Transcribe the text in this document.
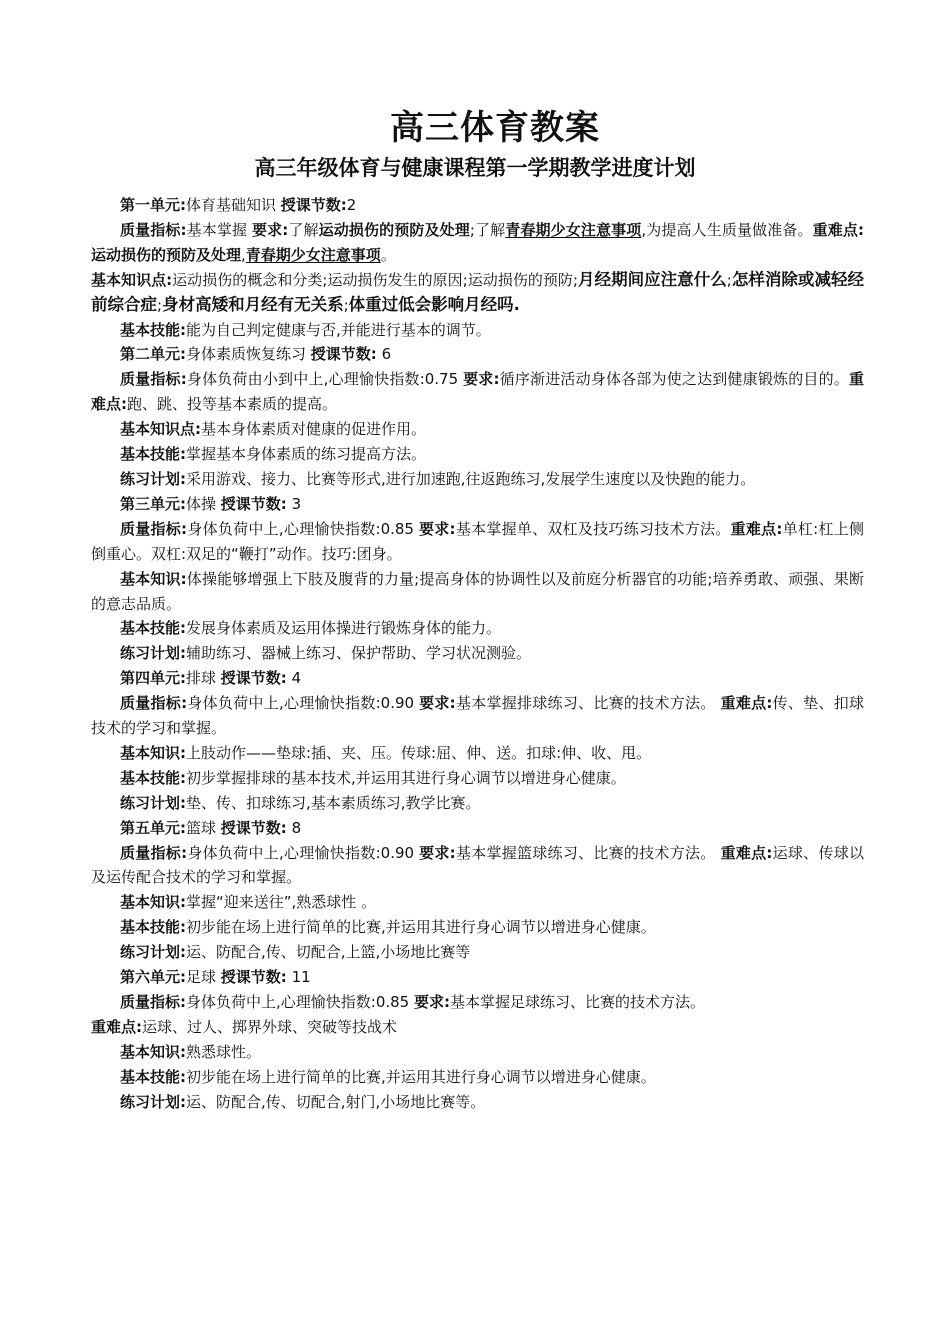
高三体育教案
高三年级体育与健康课程第一学期教学进度计划

第一单元:体育基础知识 授课节数:2

质量指标:基本掌握 要求:了解运动损伤的预防及处理;了解青春期少女注意事项,为提高人生质量做准备。重难点:运动损伤的预防及处理,青春期少女注意事项。

基本知识点:运动损伤的概念和分类;运动损伤发生的原因;运动损伤的预防;月经期间应注意什么;怎样消除或减轻经前综合症;身材高矮和月经有无关系;体重过低会影响月经吗.

基本技能:能为自己判定健康与否,并能进行基本的调节。

第二单元:身体素质恢复练习 授课节数: 6

质量指标:身体负荷由小到中上,心理愉快指数:0.75 要求:循序渐进活动身体各部为使之达到健康锻炼的目的。重难点:跑、跳、投等基本素质的提高。

基本知识点:基本身体素质对健康的促进作用。

基本技能:掌握基本身体素质的练习提高方法。

练习计划:采用游戏、接力、比赛等形式,进行加速跑,往返跑练习,发展学生速度以及快跑的能力。

第三单元:体操 授课节数: 3

质量指标:身体负荷中上,心理愉快指数:0.85 要求:基本掌握单、双杠及技巧练习技术方法。重难点:单杠:杠上侧倒重心。双杠:双足的“鞭打”动作。技巧:团身。

基本知识:体操能够增强上下肢及腹背的力量;提高身体的协调性以及前庭分析器官的功能;培养勇敢、顽强、果断的意志品质。

基本技能:发展身体素质及运用体操进行锻炼身体的能力。

练习计划:辅助练习、器械上练习、保护帮助、学习状况测验。

第四单元:排球 授课节数: 4

质量指标:身体负荷中上,心理愉快指数:0.90 要求:基本掌握排球练习、比赛的技术方法。 重难点:传、垫、扣球技术的学习和掌握。

基本知识:上肢动作——垫球:插、夹、压。传球:屈、伸、送。扣球:伸、收、甩。

基本技能:初步掌握排球的基本技术,并运用其进行身心调节以增进身心健康。

练习计划:垫、传、扣球练习,基本素质练习,教学比赛。

第五单元:篮球 授课节数: 8

质量指标:身体负荷中上,心理愉快指数:0.90 要求:基本掌握篮球练习、比赛的技术方法。 重难点:运球、传球以及运传配合技术的学习和掌握。

基本知识:掌握“迎来送往”,熟悉球性 。

基本技能:初步能在场上进行简单的比赛,并运用其进行身心调节以增进身心健康。

练习计划:运、防配合,传、切配合,上篮,小场地比赛等

第六单元:足球 授课节数: 11

质量指标:身体负荷中上,心理愉快指数:0.85 要求:基本掌握足球练习、比赛的技术方法。

重难点:运球、过人、掷界外球、突破等技战术

基本知识:熟悉球性。

基本技能:初步能在场上进行简单的比赛,并运用其进行身心调节以增进身心健康。

练习计划:运、防配合,传、切配合,射门,小场地比赛等。
